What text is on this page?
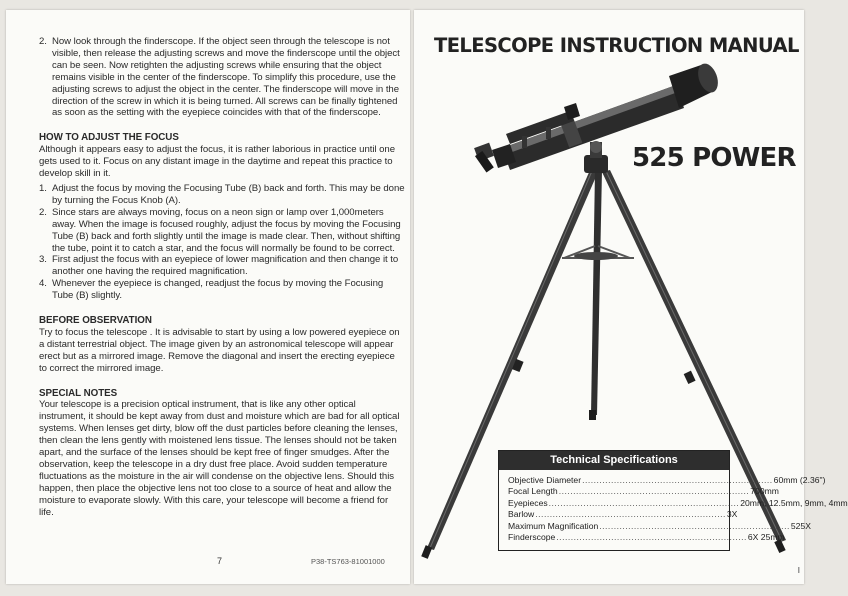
2. Now look through the finderscope. If the object seen through the telescope is not visible, then release the adjusting screws and move the finderscope until the object can be seen. Now retighten the adjusting screws while ensuring that the object remains visible in the center of the finderscope. To simplify this procedure, use the adjusting screws to adjust the object in the center. The finderscope will move in the direction of the screw in which it is being turned. All screws can be finally tightened as soon as the setting with the eyepiece coincides with that of the finderscope.
HOW TO ADJUST THE FOCUS

Although it appears easy to adjust the focus, it is rather laborious in practice until one gets used to it. Focus on any distant image in the daytime and repeat this practice to develop skill in it.

1. Adjust the focus by moving the Focusing Tube (B) back and forth. This may be done by turning the Focus Knob (A).
2. Since stars are always moving, focus on a neon sign or lamp over 1,000meters away. When the image is focused roughly, adjust the focus by moving the Focusing Tube (B) back and forth slightly until the image is made clear. Then, without shifting the tube, point it to catch a star, and the focus will normally be found to be correct.
3. First adjust the focus with an eyepiece of lower magnification and then change it to another one having the required magnification.
4. Whenever the eyepiece is changed, readjust the focus by moving the Focusing Tube (B) slightly.
BEFORE OBSERVATION

Try to focus the telescope . It is advisable to start by using a low powered eyepiece on a distant terrestrial object. The image given by an astronomical telescope will appear erect but as a mirrored image. Remove the diagonal and insert the erecting eyepiece to correct the mirrored image.

SPECIAL NOTES

Your telescope is a precision optical instrument, that is like any other optical instrument, it should be kept away from dust and moisture which are bad for all optical systems. When lenses get dirty, blow off the dust particles before cleaning the lenses, then clean the lens gently with moistened lens tissue. The lenses should not be taken apart, and the surface of the lenses should be kept free of finger smudges. After the observation, keep the telescope in a dry dust free place. Avoid sudden temperature fluctuations as the moisture in the air will condense on the objective lens. Should this happen, then place the objective lens not too close to a source of heat and allow the moisture to evaporate slowly. With this care, your telescope will become a friend for life.

7	P38-TS763-81001000
TELESCOPE INSTRUCTION MANUAL
525 POWER
Technical Specifications
Objective Diameter .................................................................. 60mm (2.36")
Focal Length .................................................................. 700mm
Eyepieces .................................................................. 20mm, 12.5mm, 9mm, 4mm
Barlow .................................................................. 3X
Maximum Magnification .................................................................. 525X
Finderscope .................................................................. 6X 25mm
I
